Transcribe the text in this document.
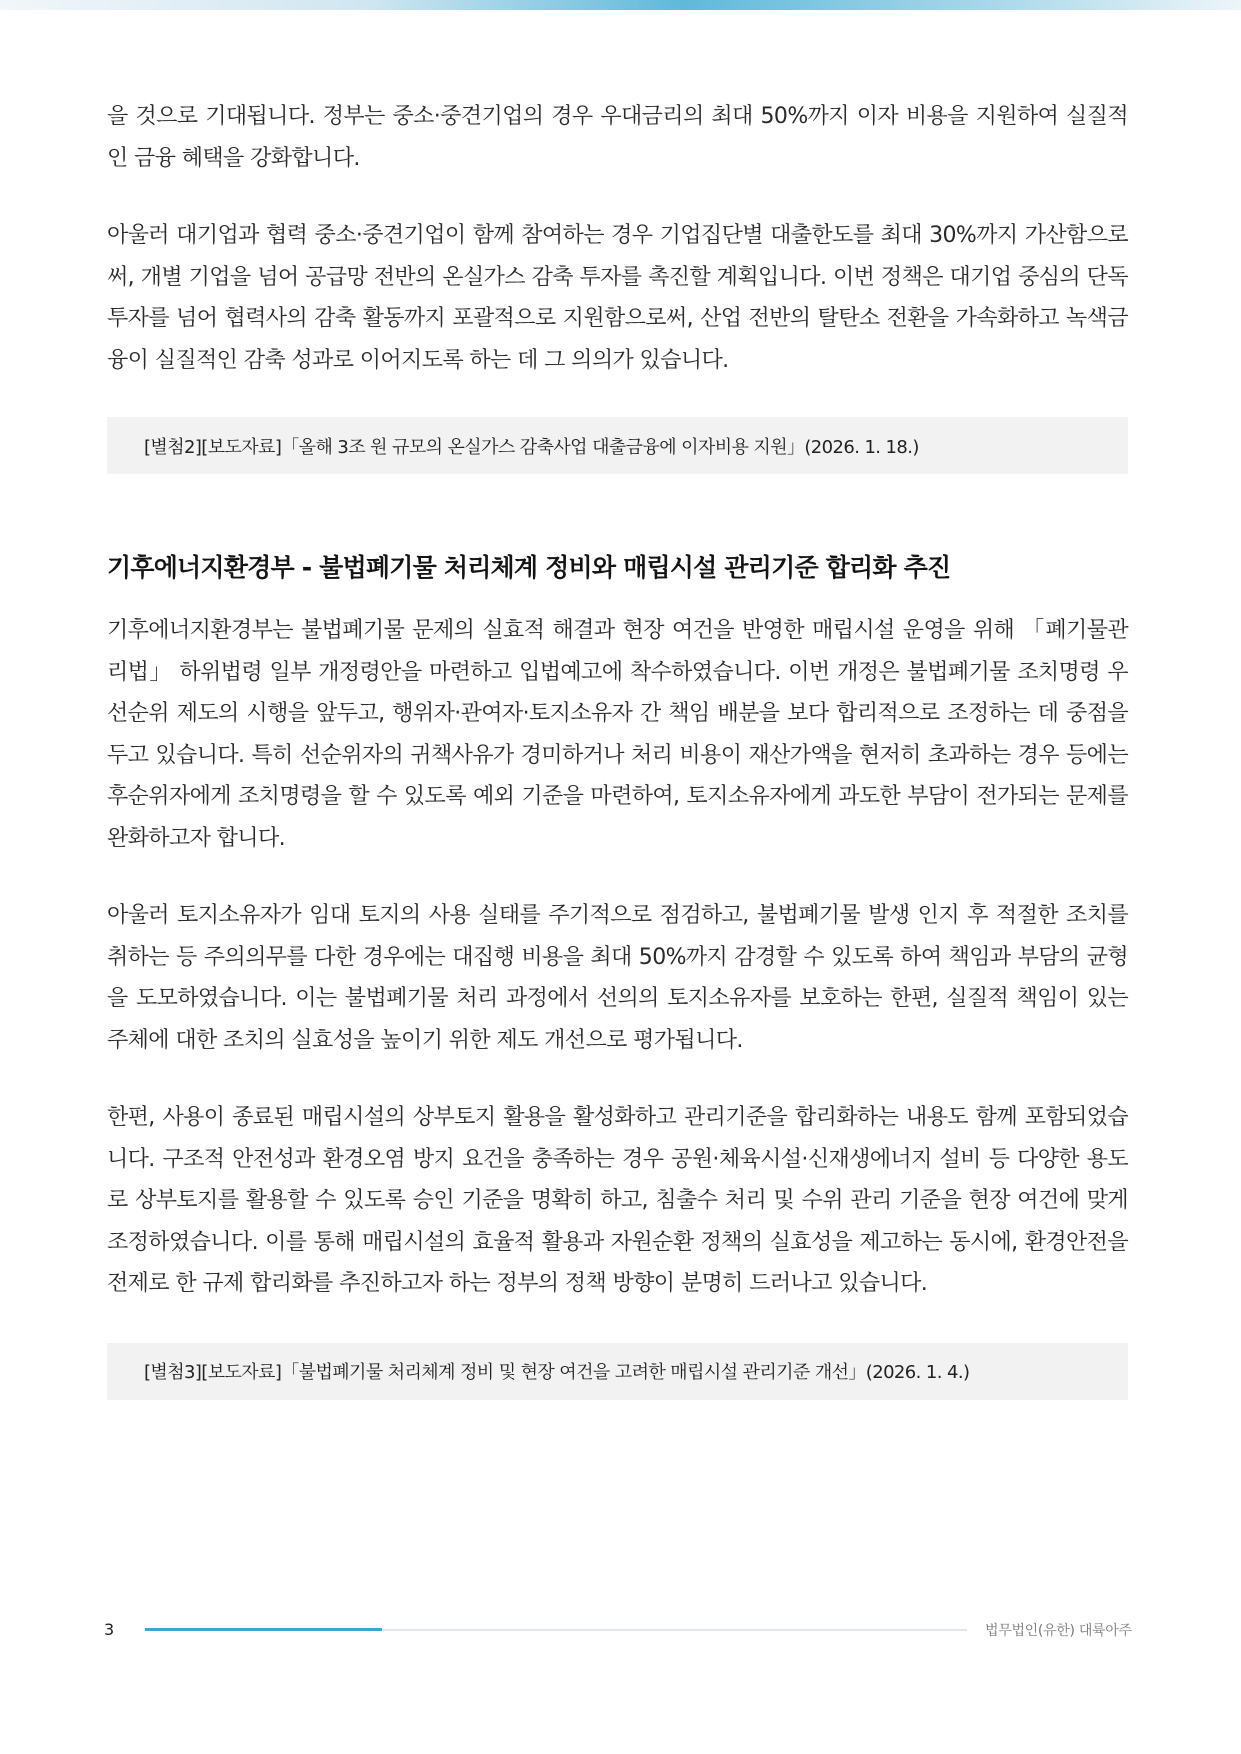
을 것으로 기대됩니다. 정부는 중소·중견기업의 경우 우대금리의 최대 50%까지 이자 비용을 지원하여 실질적인 금융 혜택을 강화합니다.

아울러 대기업과 협력 중소·중견기업이 함께 참여하는 경우 기업집단별 대출한도를 최대 30%까지 가산함으로써, 개별 기업을 넘어 공급망 전반의 온실가스 감축 투자를 촉진할 계획입니다. 이번 정책은 대기업 중심의 단독 투자를 넘어 협력사의 감축 활동까지 포괄적으로 지원함으로써, 산업 전반의 탈탄소 전환을 가속화하고 녹색금융이 실질적인 감축 성과로 이어지도록 하는 데 그 의의가 있습니다.

[별첨2][보도자료]「올해 3조 원 규모의 온실가스 감축사업 대출금융에 이자비용 지원」(2026. 1. 18.)
기후에너지환경부 - 불법폐기물 처리체계 정비와 매립시설 관리기준 합리화 추진

기후에너지환경부는 불법폐기물 문제의 실효적 해결과 현장 여건을 반영한 매립시설 운영을 위해 「폐기물관리법」 하위법령 일부 개정령안을 마련하고 입법예고에 착수하였습니다. 이번 개정은 불법폐기물 조치명령 우선순위 제도의 시행을 앞두고, 행위자·관여자·토지소유자 간 책임 배분을 보다 합리적으로 조정하는 데 중점을 두고 있습니다. 특히 선순위자의 귀책사유가 경미하거나 처리 비용이 재산가액을 현저히 초과하는 경우 등에는 후순위자에게 조치명령을 할 수 있도록 예외 기준을 마련하여, 토지소유자에게 과도한 부담이 전가되는 문제를 완화하고자 합니다.

아울러 토지소유자가 임대 토지의 사용 실태를 주기적으로 점검하고, 불법폐기물 발생 인지 후 적절한 조치를 취하는 등 주의의무를 다한 경우에는 대집행 비용을 최대 50%까지 감경할 수 있도록 하여 책임과 부담의 균형을 도모하였습니다. 이는 불법폐기물 처리 과정에서 선의의 토지소유자를 보호하는 한편, 실질적 책임이 있는 주체에 대한 조치의 실효성을 높이기 위한 제도 개선으로 평가됩니다.

한편, 사용이 종료된 매립시설의 상부토지 활용을 활성화하고 관리기준을 합리화하는 내용도 함께 포함되었습니다. 구조적 안전성과 환경오염 방지 요건을 충족하는 경우 공원·체육시설·신재생에너지 설비 등 다양한 용도로 상부토지를 활용할 수 있도록 승인 기준을 명확히 하고, 침출수 처리 및 수위 관리 기준을 현장 여건에 맞게 조정하였습니다. 이를 통해 매립시설의 효율적 활용과 자원순환 정책의 실효성을 제고하는 동시에, 환경안전을 전제로 한 규제 합리화를 추진하고자 하는 정부의 정책 방향이 분명히 드러나고 있습니다.

[별첨3][보도자료]「불법폐기물 처리체계 정비 및 현장 여건을 고려한 매립시설 관리기준 개선」(2026. 1. 4.)
3	법무법인(유한) 대륙아주
